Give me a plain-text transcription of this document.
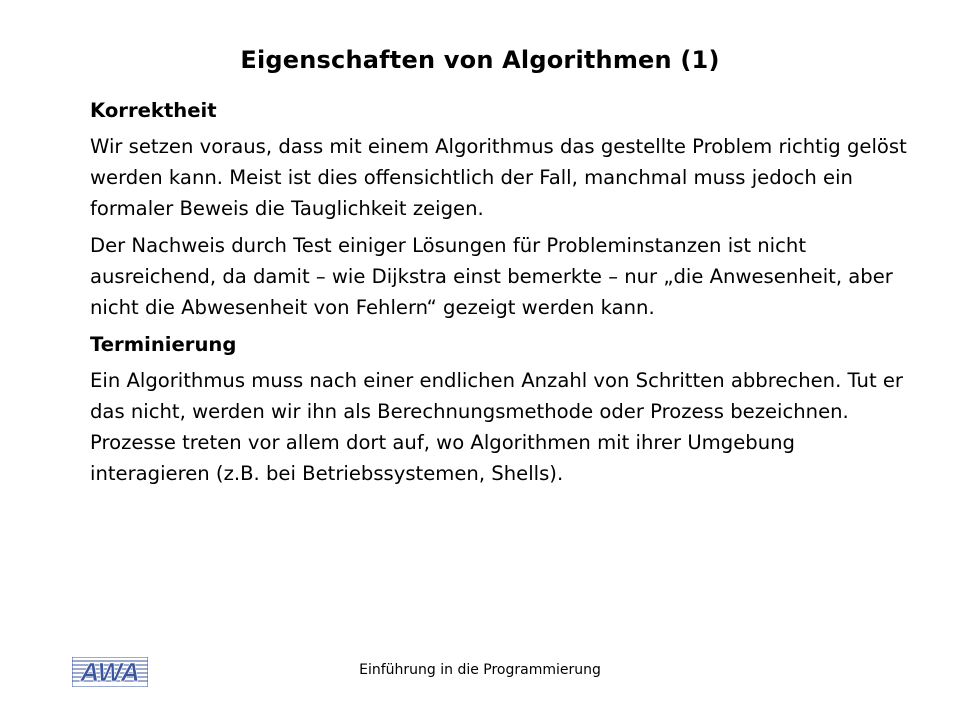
Eigenschaften von Algorithmen (1)
Korrektheit

Wir setzen voraus, dass mit einem Algorithmus das gestellte Problem richtig gelöst werden kann. Meist ist dies offensichtlich der Fall, manchmal muss jedoch ein formaler Beweis die Tauglichkeit zeigen.

Der Nachweis durch Test einiger Lösungen für Probleminstanzen ist nicht ausreichend, da damit – wie Dijkstra einst bemerkte – nur „die Anwesenheit, aber nicht die Abwesenheit von Fehlern“ gezeigt werden kann.

Terminierung

Ein Algorithmus muss nach einer endlichen Anzahl von Schritten abbrechen. Tut er das nicht, werden wir ihn als Berechnungsmethode oder Prozess bezeichnen. Prozesse treten vor allem dort auf, wo Algorithmen mit ihrer Umgebung interagieren (z.B. bei Betriebssystemen, Shells).

AWA	Einführung in die Programmierung
